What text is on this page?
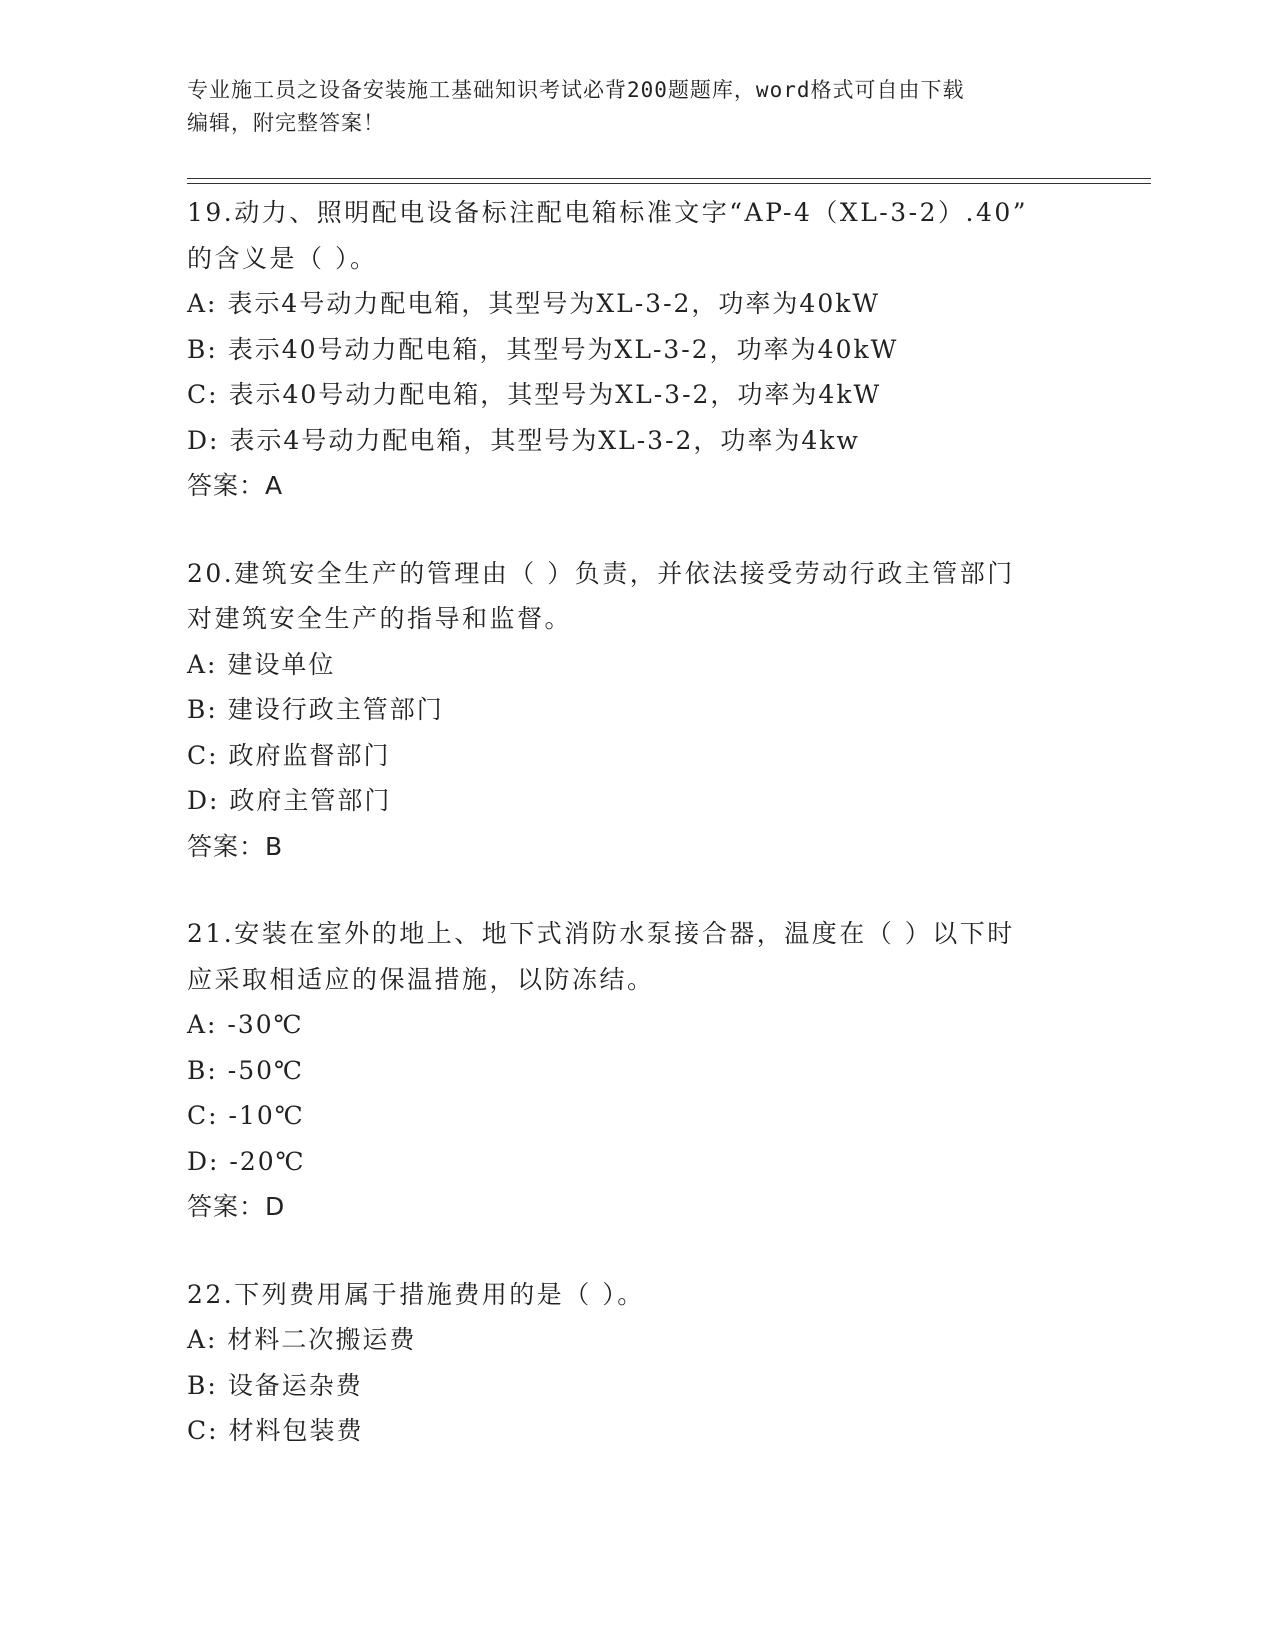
专业施工员之设备安装施工基础知识考试必背200题题库，word格式可自由下载
编辑，附完整答案！
19.动力、照明配电设备标注配电箱标准文字“AP-4（XL-3-2）.40”
的含义是（ ）。
A: 表示4号动力配电箱，其型号为XL-3-2，功率为40kW
B: 表示40号动力配电箱，其型号为XL-3-2，功率为40kW
C: 表示40号动力配电箱，其型号为XL-3-2，功率为4kW
D: 表示4号动力配电箱，其型号为XL-3-2，功率为4kw
答案：A
20.建筑安全生产的管理由（ ）负责，并依法接受劳动行政主管部门
对建筑安全生产的指导和监督。
A: 建设单位
B: 建设行政主管部门
C: 政府监督部门
D: 政府主管部门
答案：B
21.安装在室外的地上、地下式消防水泵接合器，温度在（ ）以下时
应采取相适应的保温措施，以防冻结。
A: -30℃
B: -50℃
C: -10℃
D: -20℃
答案：D
22.下列费用属于措施费用的是（ ）。
A: 材料二次搬运费
B: 设备运杂费
C: 材料包装费
